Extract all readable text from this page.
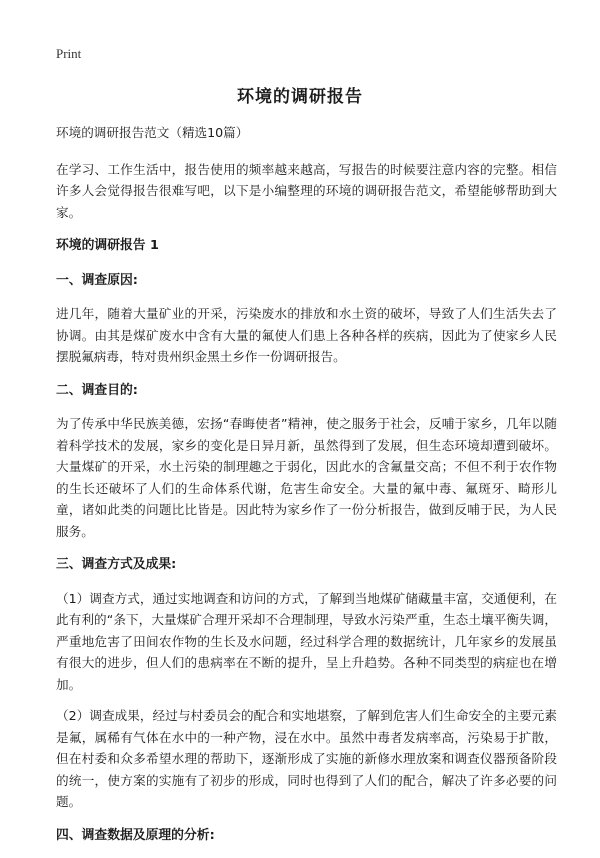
Print
环境的调研报告

环境的调研报告范文（精选10篇）

在学习、工作生活中，报告使用的频率越来越高，写报告的时候要注意内容的完整。相信许多人会觉得报告很难写吧，以下是小编整理的环境的调研报告范文，希望能够帮助到大家。

环境的调研报告 1
一、调查原因:

进几年，随着大量矿业的开采，污染废水的排放和水土资的破坏，导致了人们生活失去了协调。由其是煤矿废水中含有大量的氟使人们患上各种各样的疾病，因此为了使家乡人民摆脱氟病毒，特对贵州织金黑土乡作一份调研报告。

二、调查目的:

为了传承中华民族美德，宏扬“春晦使者”精神，使之服务于社会，反哺于家乡，几年以随着科学技术的发展，家乡的变化是日异月新，虽然得到了发展，但生态环境却遭到破坏。大量煤矿的开采，水土污染的制理趣之于弱化，因此水的含氟量交高；不但不利于农作物的生长还破坏了人们的生命体系代谢，危害生命安全。大量的氟中毒、氟斑牙、畸形儿童，诸如此类的问题比比皆是。因此特为家乡作了一份分析报告，做到反哺于民，为人民服务。

三、调查方式及成果:

（1）调查方式，通过实地调查和访问的方式，了解到当地煤矿储藏量丰富，交通便利，在此有利的“条下，大量煤矿合理开采却不合理制理，导致水污染严重，生态土壤平衡失调，严重地危害了田间农作物的生长及水问题，经过科学合理的数据统计，几年家乡的发展虽有很大的进步，但人们的患病率在不断的提升，呈上升趋势。各种不同类型的病症也在增加。

（2）调查成果，经过与村委员会的配合和实地堪察，了解到危害人们生命安全的主要元素是氟，属稀有气体在水中的一种产物，浸在水中。虽然中毒者发病率高，污染易于扩散，但在村委和众多希望水理的帮助下，逐渐形成了实施的新修水理放案和调查仪器预备阶段的统一，使方案的实施有了初步的形成，同时也得到了人们的配合，解决了许多必要的问题。

四、调查数据及原理的分析:
